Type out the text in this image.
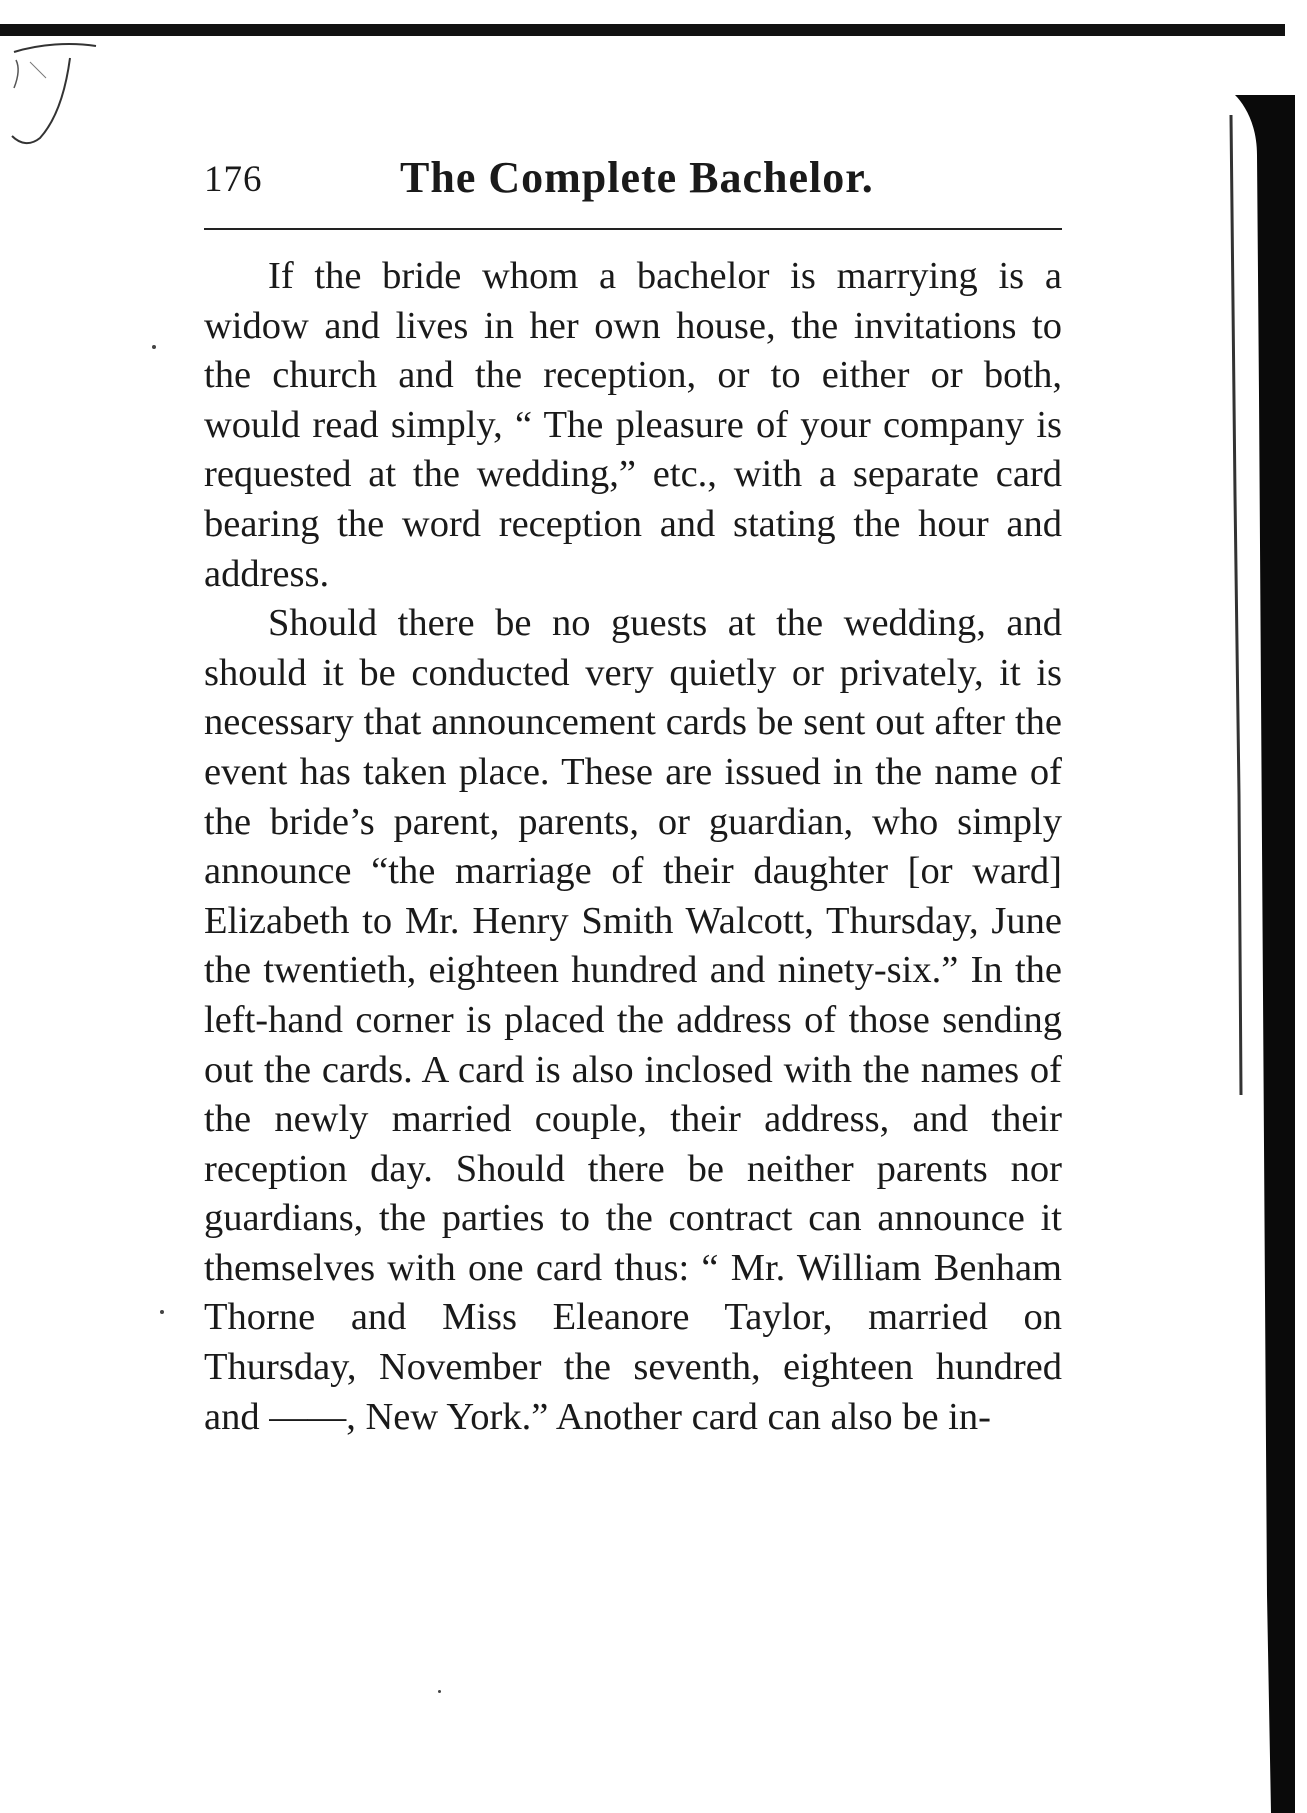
176	The Complete Bachelor.

If the bride whom a bachelor is marrying is a widow and lives in her own house, the invitations to the church and the reception, or to either or both, would read simply, “ The pleasure of your company is requested at the wedding,” etc., with a separate card bearing the word reception and stating the hour and address.

Should there be no guests at the wedding, and should it be conducted very quietly or privately, it is necessary that announcement cards be sent out after the event has taken place. These are issued in the name of the bride’s parent, parents, or guardian, who simply announce “the marriage of their daughter [or ward] Elizabeth to Mr. Henry Smith Walcott, Thursday, June the twentieth, eighteen hundred and ninety-six.” In the left-hand corner is placed the address of those sending out the cards. A card is also inclosed with the names of the newly married couple, their address, and their reception day. Should there be neither parents nor guardians, the parties to the contract can announce it themselves with one card thus: “ Mr. William Benham Thorne and Miss Eleanore Taylor, married on Thursday, November the seventh, eighteen hundred and ——, New York.” Another card can also be in-
